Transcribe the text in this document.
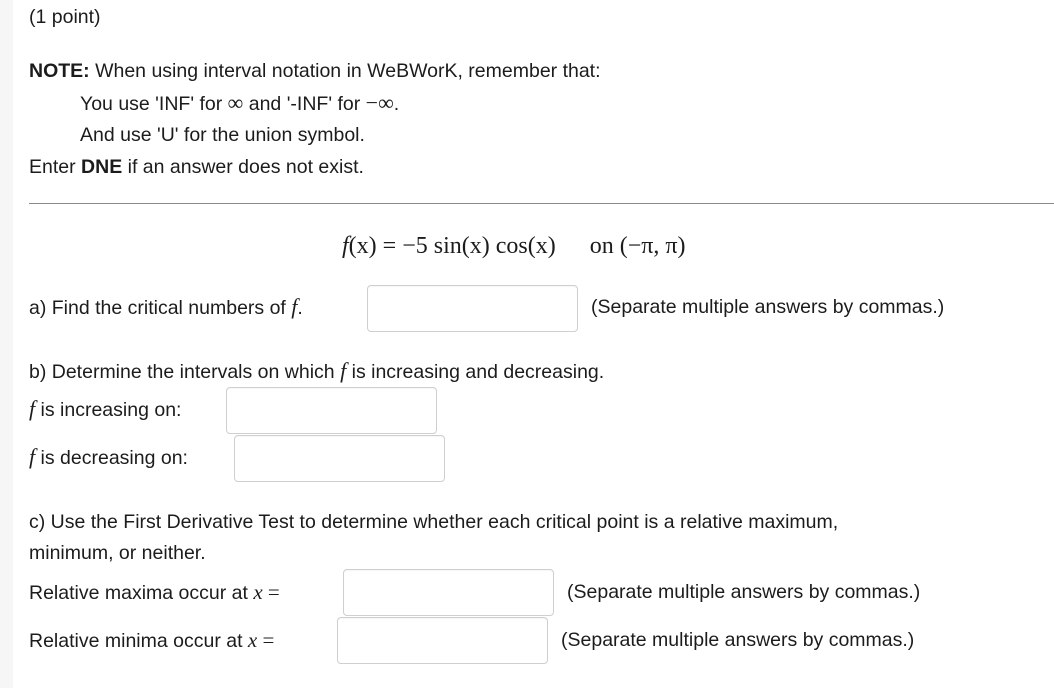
(1 point)
NOTE: When using interval notation in WeBWorK, remember that:
You use 'INF' for ∞ and '-INF' for −∞.
And use 'U' for the union symbol.
Enter DNE if an answer does not exist.
f(x) = −5 sin(x) cos(x) on (−π, π)
a) Find the critical numbers of f.	(Separate multiple answers by commas.)
b) Determine the intervals on which f is increasing and decreasing.
f is increasing on:
f is decreasing on:
c) Use the First Derivative Test to determine whether each critical point is a relative maximum,
minimum, or neither.
Relative maxima occur at x =	(Separate multiple answers by commas.)
Relative minima occur at x =	(Separate multiple answers by commas.)
